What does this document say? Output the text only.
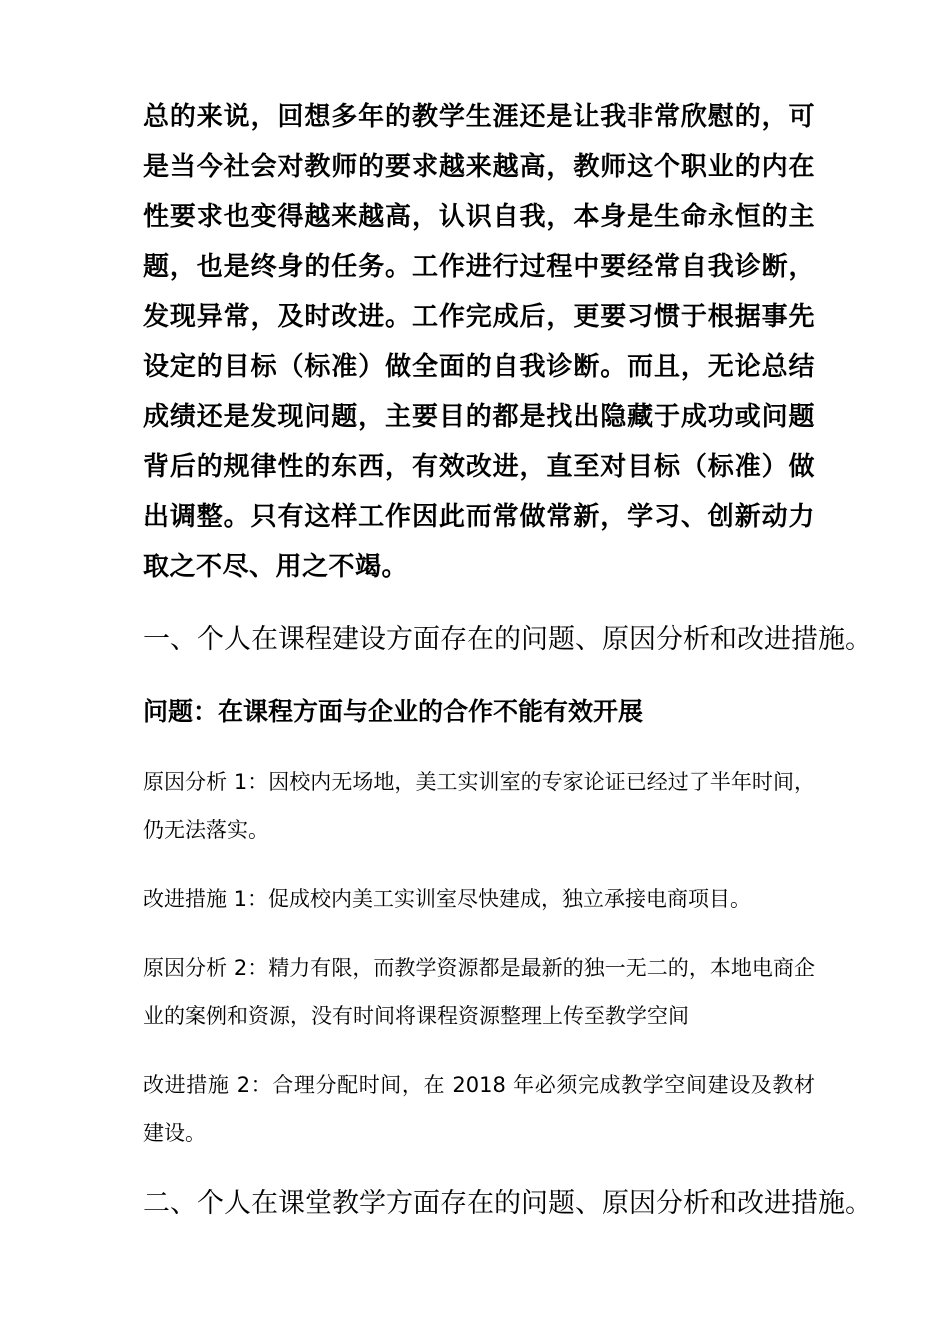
总的来说，回想多年的教学生涯还是让我非常欣慰的，可是当今社会对教师的要求越来越高，教师这个职业的内在性要求也变得越来越高，认识自我，本身是生命永恒的主题，也是终身的任务。工作进行过程中要经常自我诊断，发现异常，及时改进。工作完成后，更要习惯于根据事先设定的目标（标准）做全面的自我诊断。而且，无论总结成绩还是发现问题，主要目的都是找出隐藏于成功或问题背后的规律性的东西，有效改进，直至对目标（标准）做出调整。只有这样工作因此而常做常新，学习、创新动力取之不尽、用之不竭。

一、个人在课程建设方面存在的问题、原因分析和改进措施。

问题：在课程方面与企业的合作不能有效开展

原因分析 1：因校内无场地，美工实训室的专家论证已经过了半年时间，仍无法落实。

改进措施 1：促成校内美工实训室尽快建成，独立承接电商项目。

原因分析 2：精力有限，而教学资源都是最新的独一无二的，本地电商企业的案例和资源，没有时间将课程资源整理上传至教学空间

改进措施 2：合理分配时间，在 2018 年必须完成教学空间建设及教材建设。

二、个人在课堂教学方面存在的问题、原因分析和改进措施。
